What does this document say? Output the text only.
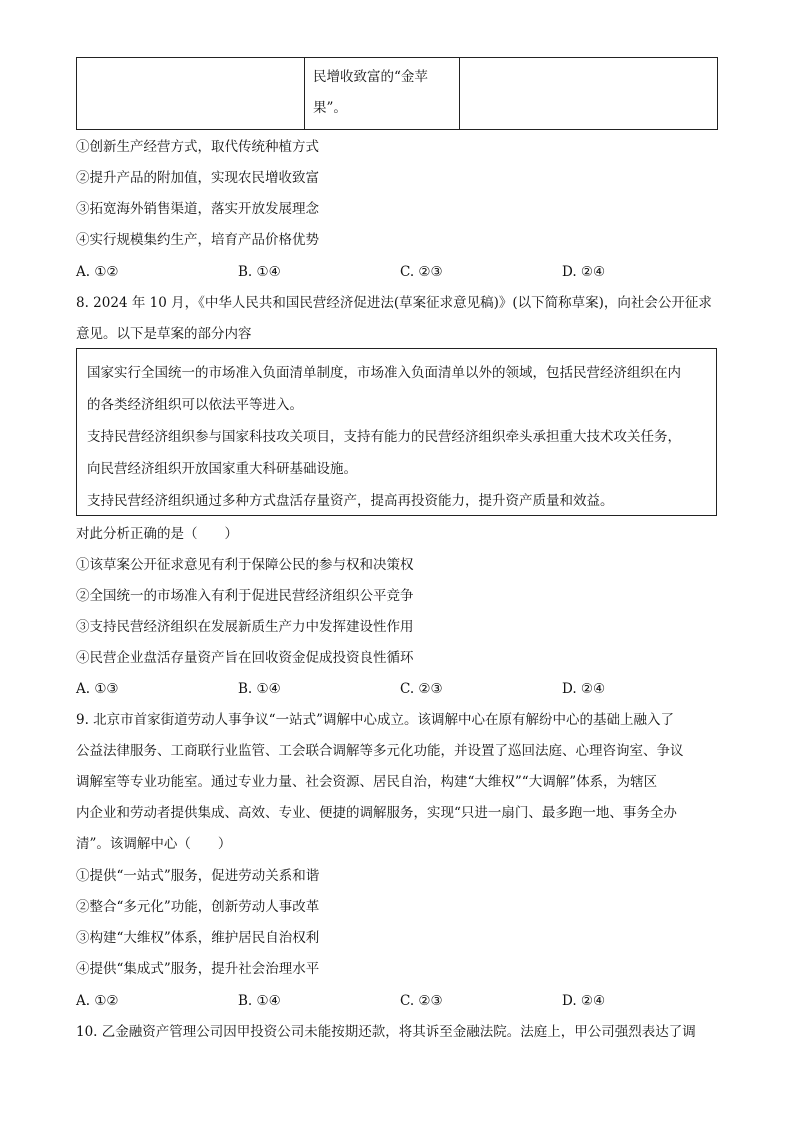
民增收致富的“金苹
果”。

①创新生产经营方式，取代传统种植方式
②提升产品的附加值，实现农民增收致富
③拓宽海外销售渠道，落实开放发展理念
④实行规模集约生产，培育产品价格优势
A. ①②	B. ①④	C. ②③	D. ②④
8. 2024 年 10 月，《中华人民共和国民营经济促进法(草案征求意见稿)》(以下简称草案)，向社会公开征求
意见。以下是草案的部分内容

国家实行全国统一的市场准入负面清单制度，市场准入负面清单以外的领域，包括民营经济组织在内

的各类经济组织可以依法平等进入。

支持民营经济组织参与国家科技攻关项目，支持有能力的民营经济组织牵头承担重大技术攻关任务，

向民营经济组织开放国家重大科研基础设施。

支持民营经济组织通过多种方式盘活存量资产，提高再投资能力，提升资产质量和效益。

对此分析正确的是（　　）
①该草案公开征求意见有利于保障公民的参与权和决策权
②全国统一的市场准入有利于促进民营经济组织公平竞争
③支持民营经济组织在发展新质生产力中发挥建设性作用
④民营企业盘活存量资产旨在回收资金促成投资良性循环
A. ①③	B. ①④	C. ②③	D. ②④
9. 北京市首家街道劳动人事争议“一站式”调解中心成立。该调解中心在原有解纷中心的基础上融入了
公益法律服务、工商联行业监管、工会联合调解等多元化功能，并设置了巡回法庭、心理咨询室、争议
调解室等专业功能室。通过专业力量、社会资源、居民自治，构建“大维权”“大调解”体系，为辖区
内企业和劳动者提供集成、高效、专业、便捷的调解服务，实现“只进一扇门、最多跑一地、事务全办
清”。该调解中心（　　）
①提供“一站式”服务，促进劳动关系和谐
②整合“多元化”功能，创新劳动人事改革
③构建“大维权”体系，维护居民自治权利
④提供“集成式”服务，提升社会治理水平
A. ①②	B. ①④	C. ②③	D. ②④
10. 乙金融资产管理公司因甲投资公司未能按期还款，将其诉至金融法院。法庭上，甲公司强烈表达了调
